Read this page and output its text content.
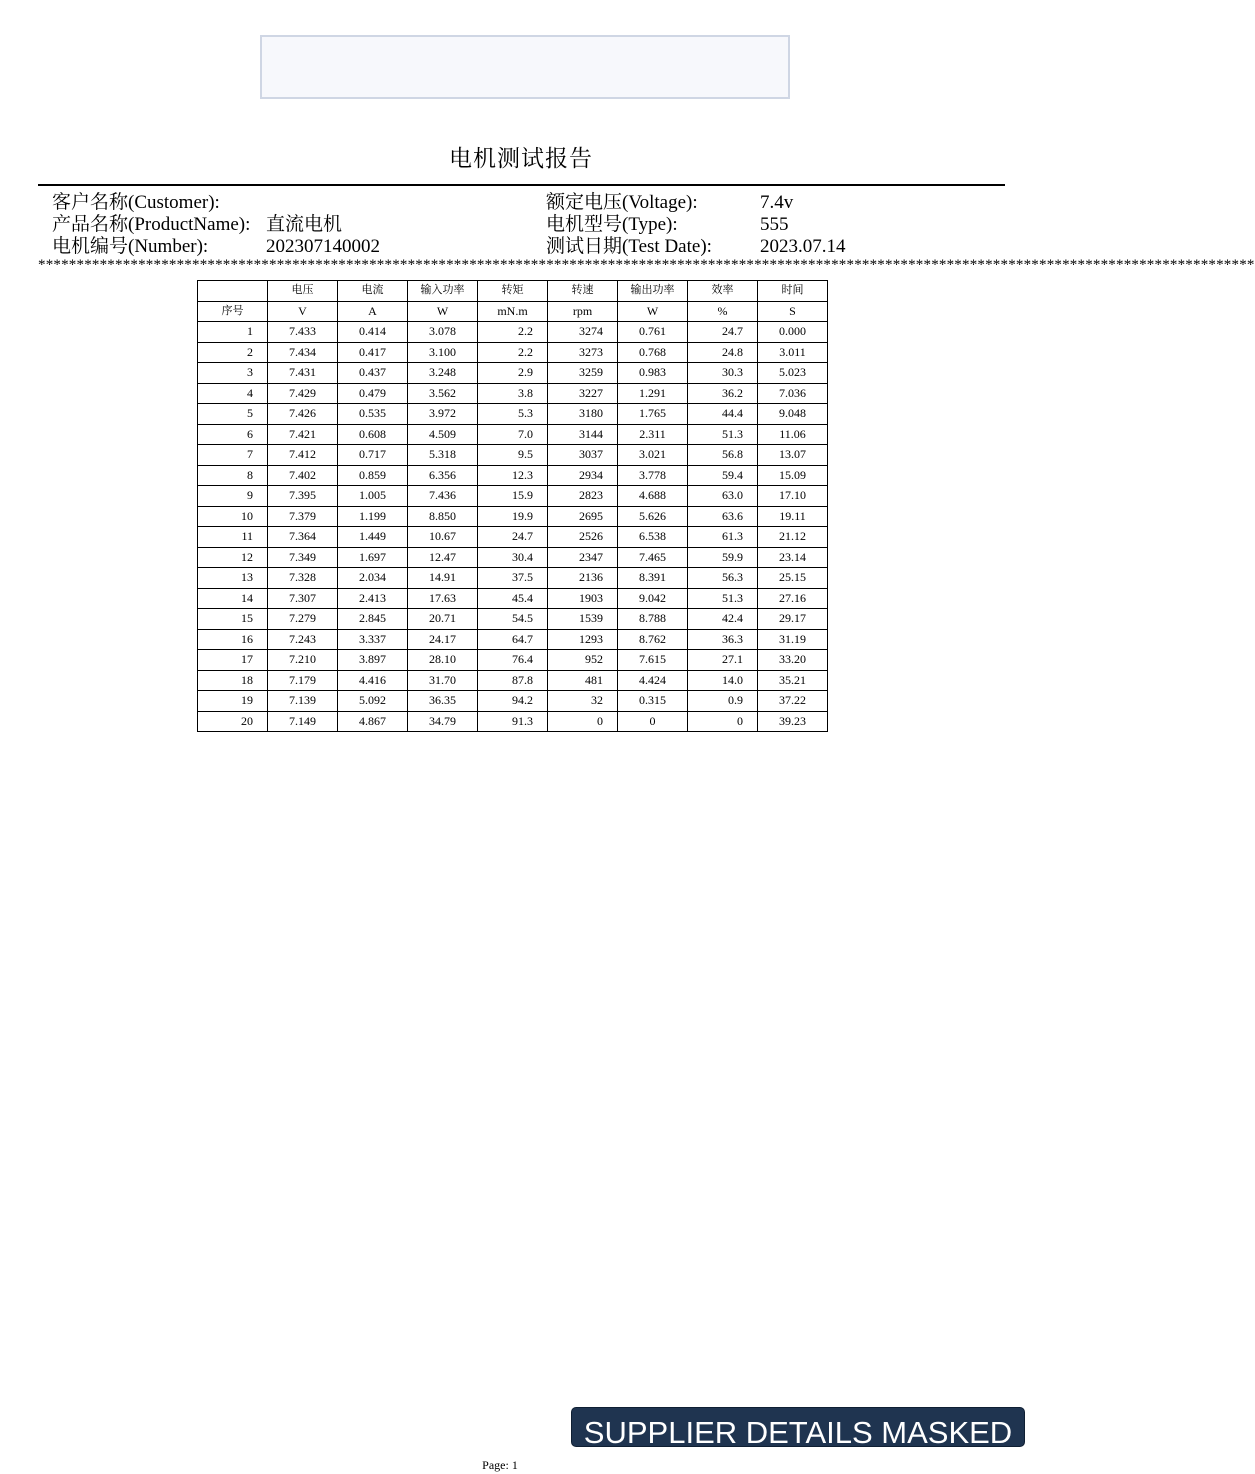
电机测试报告
客户名称(Customer):
产品名称(ProductName): 直流电机
电机编号(Number):	202307140002
额定电压(Voltage):	7.4v
电机型号(Type):	555
测试日期(Test Date):	2023.07.14
**************************************************************************************************************************************************************
	电压	电流	输入功率	转矩	转速	输出功率	效率	时间
序号	V	A	W	mN.m	rpm	W	%	S
1	7.433	0.414	3.078	2.2	3274	0.761	24.7	0.000
2	7.434	0.417	3.100	2.2	3273	0.768	24.8	3.011
3	7.431	0.437	3.248	2.9	3259	0.983	30.3	5.023
4	7.429	0.479	3.562	3.8	3227	1.291	36.2	7.036
5	7.426	0.535	3.972	5.3	3180	1.765	44.4	9.048
6	7.421	0.608	4.509	7.0	3144	2.311	51.3	11.06
7	7.412	0.717	5.318	9.5	3037	3.021	56.8	13.07
8	7.402	0.859	6.356	12.3	2934	3.778	59.4	15.09
9	7.395	1.005	7.436	15.9	2823	4.688	63.0	17.10
10	7.379	1.199	8.850	19.9	2695	5.626	63.6	19.11
11	7.364	1.449	10.67	24.7	2526	6.538	61.3	21.12
12	7.349	1.697	12.47	30.4	2347	7.465	59.9	23.14
13	7.328	2.034	14.91	37.5	2136	8.391	56.3	25.15
14	7.307	2.413	17.63	45.4	1903	9.042	51.3	27.16
15	7.279	2.845	20.71	54.5	1539	8.788	42.4	29.17
16	7.243	3.337	24.17	64.7	1293	8.762	36.3	31.19
17	7.210	3.897	28.10	76.4	952	7.615	27.1	33.20
18	7.179	4.416	31.70	87.8	481	4.424	14.0	35.21
19	7.139	5.092	36.35	94.2	32	0.315	0.9	37.22
20	7.149	4.867	34.79	91.3	0	0	0	39.23
SUPPLIER DETAILS MASKED
Page: 1
